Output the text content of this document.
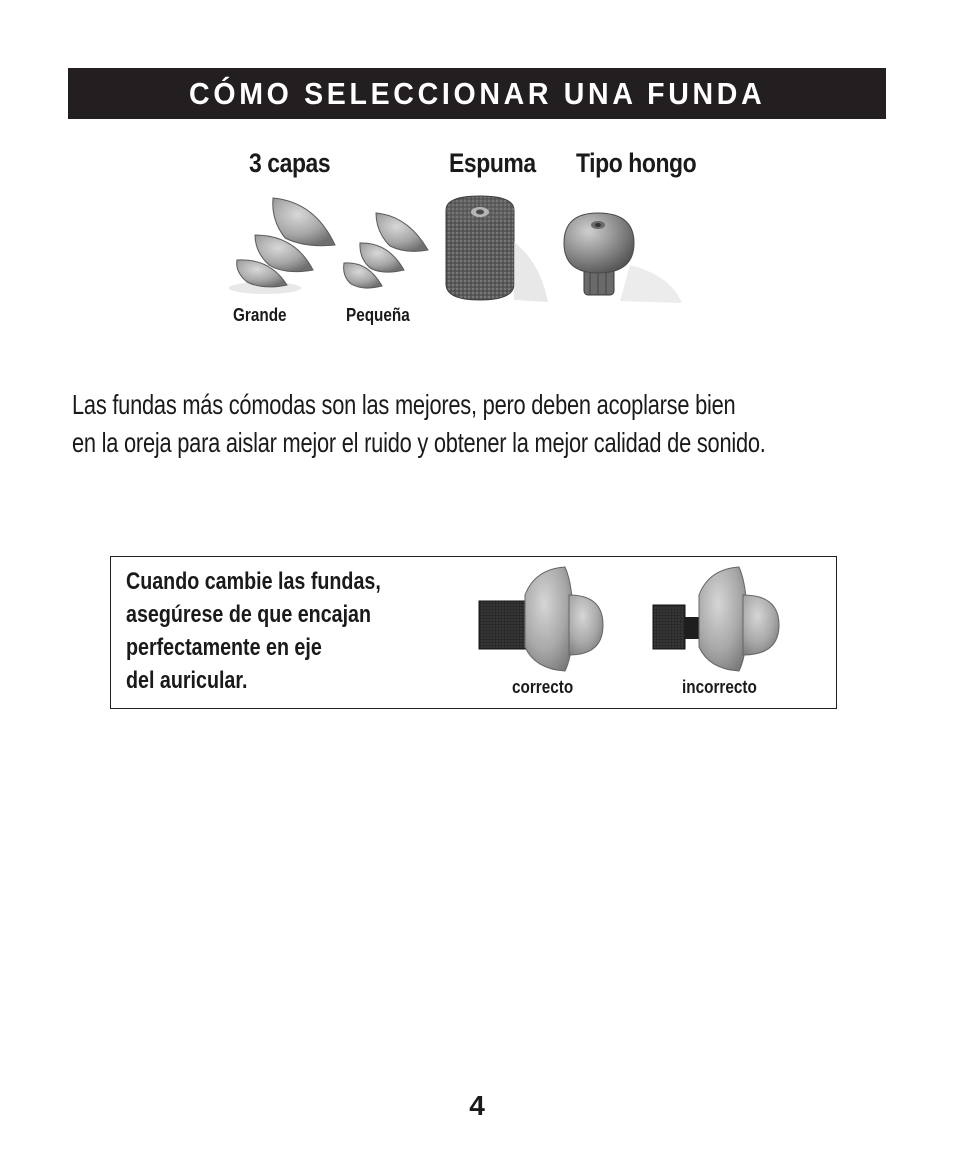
CÓMO SELECCIONAR UNA FUNDA
3 capas	Espuma Tipo hongo
Grande	Pequeña
Las fundas más cómodas son las mejores, pero deben acoplarse bien
en la oreja para aislar mejor el ruido y obtener la mejor calidad de sonido.
Cuando cambie las fundas,
asegúrese de que encajan
perfectamente en eje
del auricular.	correcto	incorrecto
4
